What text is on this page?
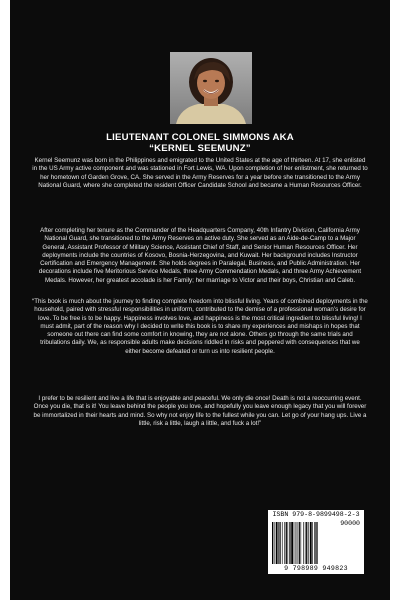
LIEUTENANT COLONEL SIMMONS AKA
“KERNEL SEEMUNZ”

Kernel Seemunz was born in the Philippines and emigrated to the United States at the age of thirteen. At 17, she enlisted in the US Army active component and was stationed in Fort Lewis, WA. Upon completion of her enlistment, she returned to her hometown of Garden Grove, CA. She served in the Army Reserves for a year before she transitioned to the Army National Guard, where she completed the resident Officer Candidate School and became a Human Resources Officer.

After completing her tenure as the Commander of the Headquarters Company, 40th Infantry Division, California Army National Guard, she transitioned to the Army Reserves on active duty. She served as an Aide-de-Camp to a Major General, Assistant Professor of Military Science, Assistant Chief of Staff, and Senior Human Resources Officer. Her deployments include the countries of Kosovo, Bosnia-Herzegovina, and Kuwait. Her background includes Instructor Certification and Emergency Management. She holds degrees in Paralegal, Business, and Public Administration. Her decorations include five Meritorious Service Medals, three Army Commendation Medals, and three Army Achievement Medals. However, her greatest accolade is her Family; her marriage to Victor and their boys, Christian and Caleb.

“This book is much about the journey to finding complete freedom into blissful living. Years of combined deployments in the household, paired with stressful responsibilities in uniform, contributed to the demise of a professional woman’s desire for love. To be free is to be happy. Happiness involves love, and happiness is the most critical ingredient to blissful living! I must admit, part of the reason why I decided to write this book is to share my experiences and mishaps in hopes that someone out there can find some comfort in knowing, they are not alone. Others go through the same trials and tribulations daily. We, as responsible adults make decisions riddled in risks and peppered with consequences that we either become defeated or turn us into resilient people.

I prefer to be resilient and live a life that is enjoyable and peaceful. We only die once! Death is not a reoccurring event. Once you die, that is it! You leave behind the people you love, and hopefully you leave enough legacy that you will forever be immortalized in their hearts and mind. So why not enjoy life to the fullest while you can. Let go of your hang ups. Live a little, risk a little, laugh a little, and fuck a lot!”

ISBN 979-8-9899498-2-3
90000
9 798989 949823
